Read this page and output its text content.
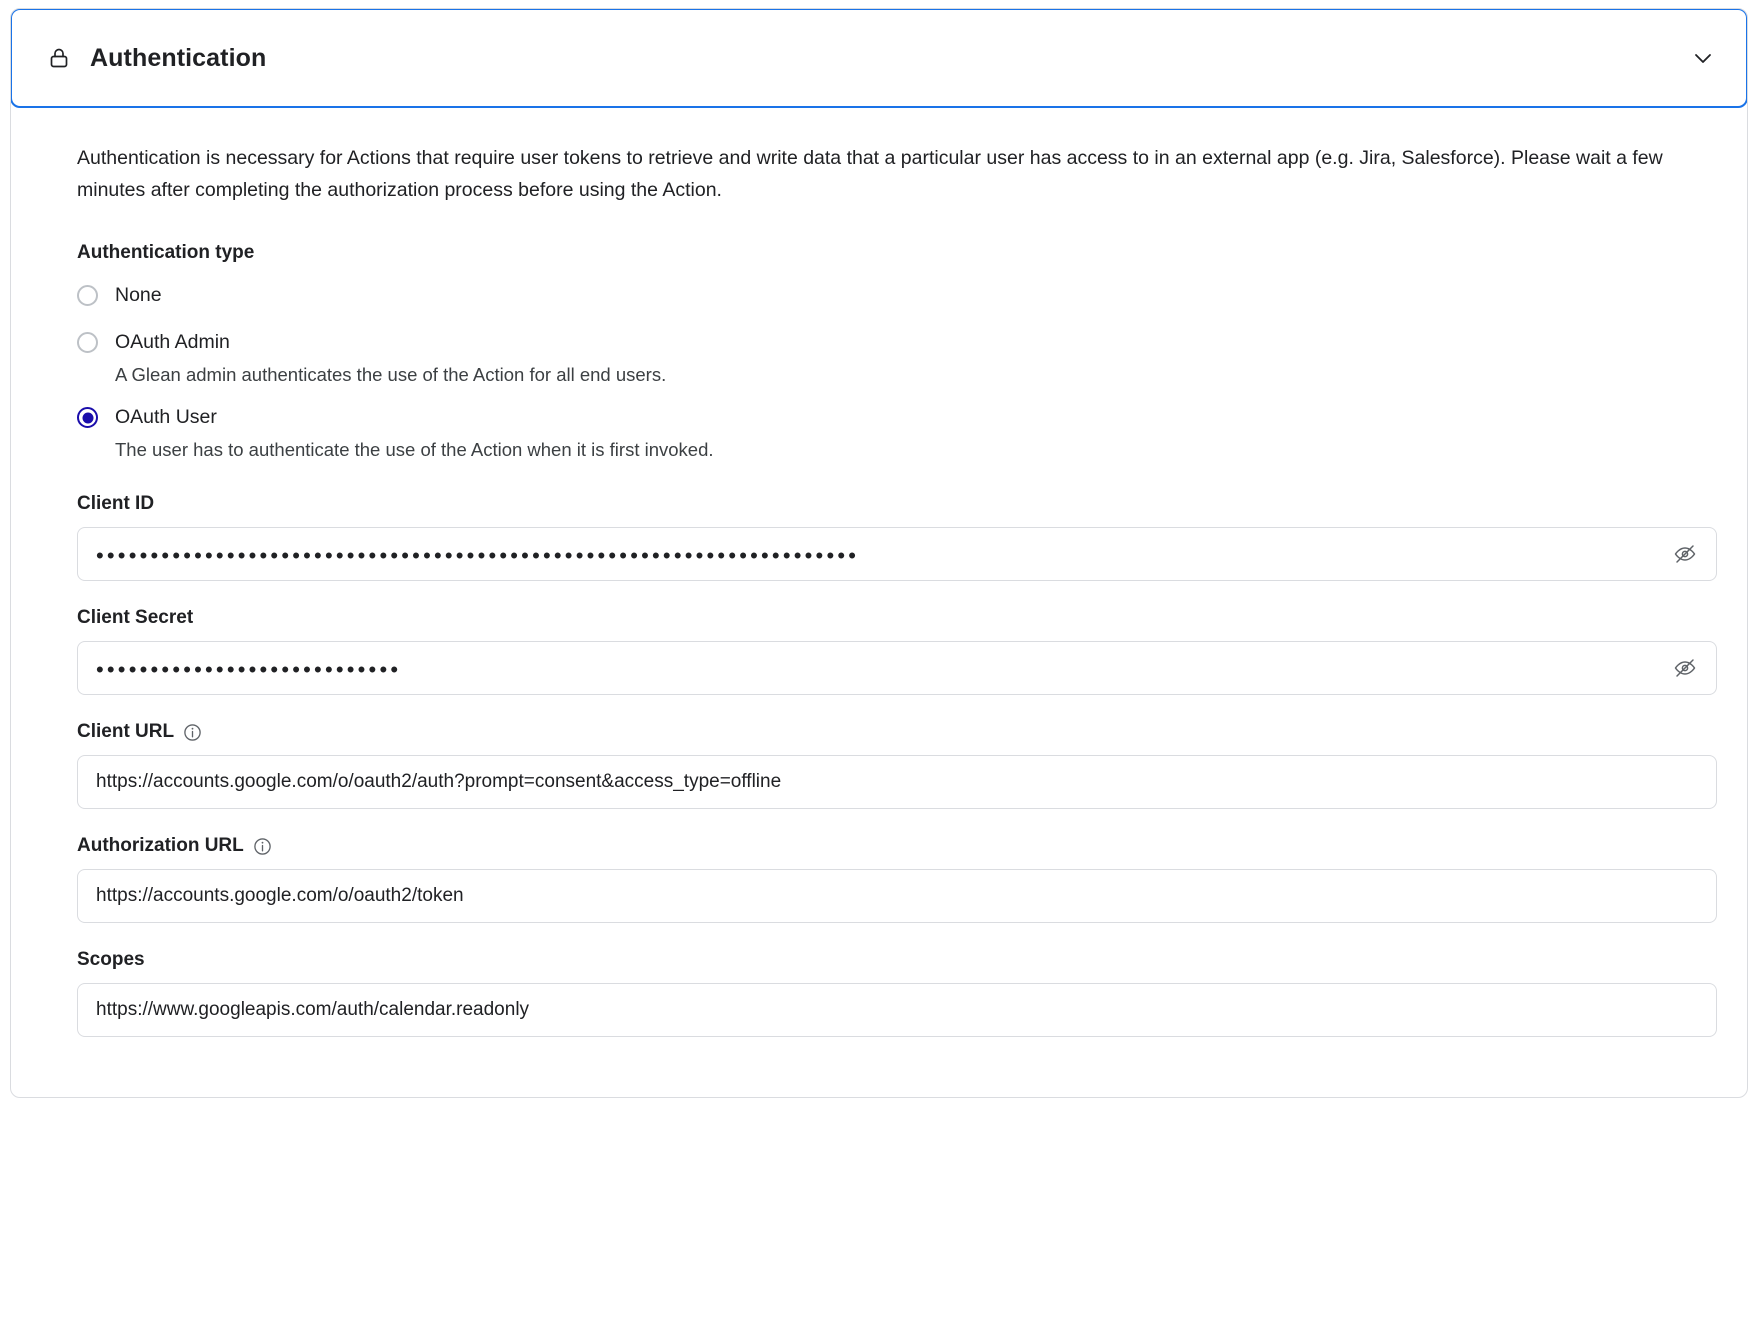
Authentication

Authentication is necessary for Actions that require user tokens to retrieve and write data that a particular user has access to in an external app (e.g. Jira, Salesforce). Please wait a few minutes after completing the authorization process before using the Action.

Authentication type
None
OAuth Admin
A Glean admin authenticates the use of the Action for all end users.
OAuth User
The user has to authenticate the use of the Action when it is first invoked.
Client ID
••••••••••••••••••••••••••••••••••••••••••••••••••••••••••••••••••••••
Client Secret
••••••••••••••••••••••••••••
Client URL
https://accounts.google.com/o/oauth2/auth?prompt=consent&access_type=offline
Authorization URL
https://accounts.google.com/o/oauth2/token
Scopes
https://www.googleapis.com/auth/calendar.readonly
